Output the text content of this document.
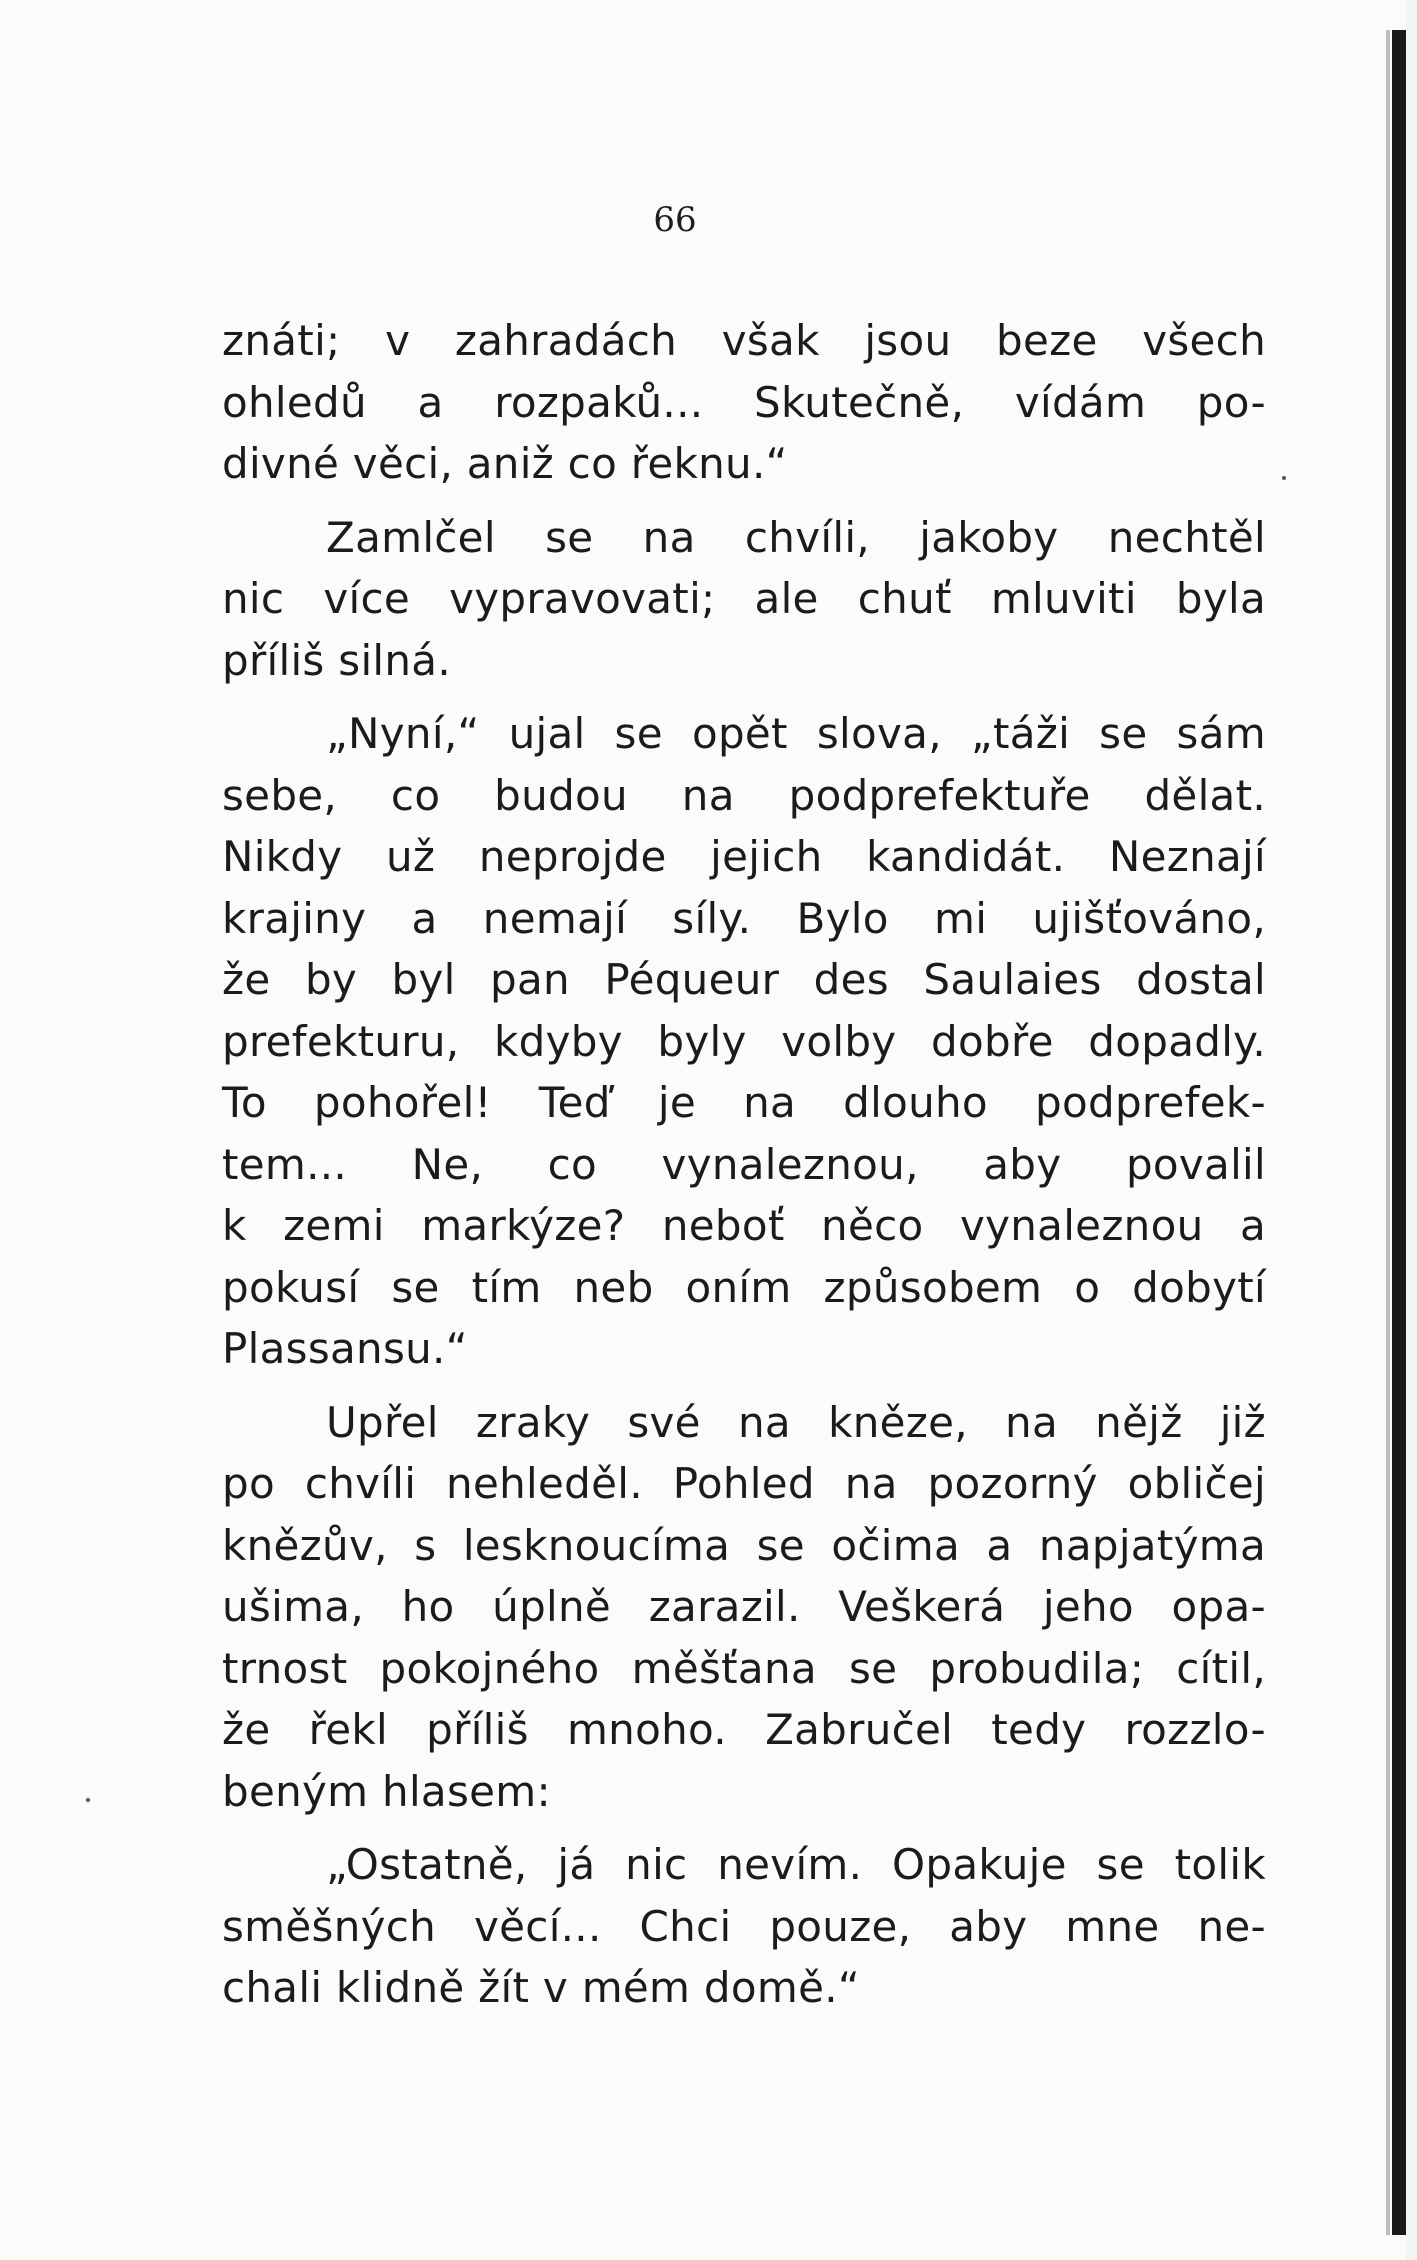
66

znáti; v zahradách však jsou beze všech
ohledů a rozpaků... Skutečně, vídám po-
divné věci, aniž co řeknu.“

Zamlčel se na chvíli, jakoby nechtěl
nic více vypravovati; ale chuť mluviti byla
příliš silná.

„Nyní,“ ujal se opět slova, „táži se sám
sebe, co budou na podprefektuře dělat.
Nikdy už neprojde jejich kandidát. Neznají
krajiny a nemají síly. Bylo mi ujišťováno,
že by byl pan Péqueur des Saulaies dostal
prefekturu, kdyby byly volby dobře dopadly.
To pohořel! Teď je na dlouho podprefek-
tem... Ne, co vynaleznou, aby povalil
k zemi markýze? neboť něco vynaleznou a
pokusí se tím neb oním způsobem o dobytí
Plassansu.“

Upřel zraky své na kněze, na nějž již
po chvíli nehleděl. Pohled na pozorný obličej
knězův, s lesknoucíma se očima a napjatýma
ušima, ho úplně zarazil. Veškerá jeho opa-
trnost pokojného měšťana se probudila; cítil,
že řekl příliš mnoho. Zabručel tedy rozzlo-
beným hlasem:

„Ostatně, já nic nevím. Opakuje se tolik
směšných věcí... Chci pouze, aby mne ne-
chali klidně žít v mém domě.“
